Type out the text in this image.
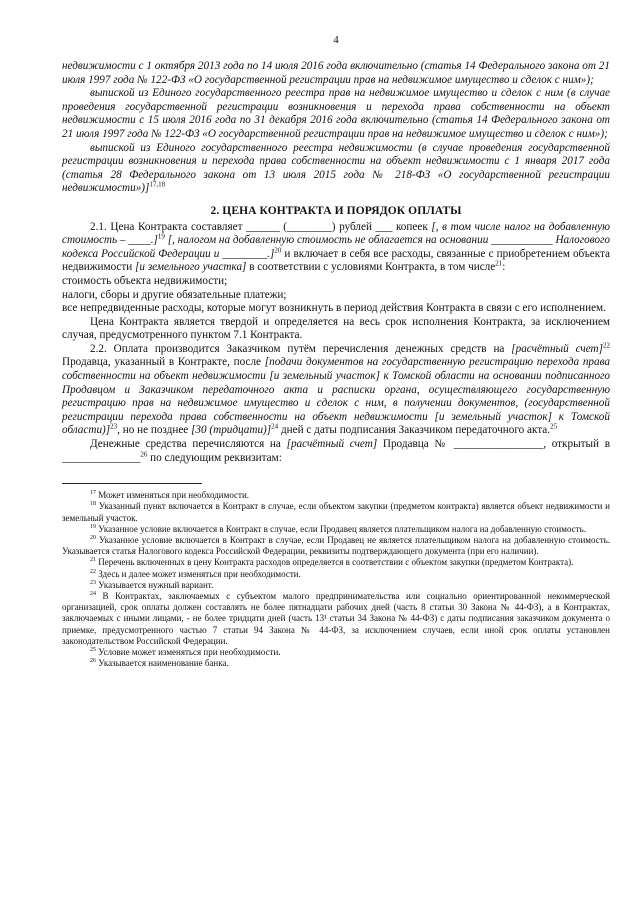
4

недвижимости с 1 октября 2013 года по 14 июля 2016 года включительно (статья 14 Федерального закона от 21 июля 1997 года № 122-ФЗ «О государственной регистрации прав на недвижимое имущество и сделок с ним»);

выпиской из Единого государственного реестра прав на недвижимое имущество и сделок с ним (в случае проведения государственной регистрации возникновения и перехода права собственности на объект недвижимости с 15 июля 2016 года по 31 декабря 2016 года включительно (статья 14 Федерального закона от 21 июля 1997 года № 122-ФЗ «О государственной регистрации прав на недвижимое имущество и сделок с ним»);

выпиской из Единого государственного реестра недвижимости (в случае проведения государственной регистрации возникновения и перехода права собственности на объект недвижимости с 1 января 2017 года (статья 28 Федерального закона от 13 июля 2015 года № 218-ФЗ «О государственной регистрации недвижимости»)]$^{17,18}$

2. ЦЕНА КОНТРАКТА И ПОРЯДОК ОПЛАТЫ

2.1. Цена Контракта составляет ______ (________) рублей ___ копеек [, в том числе налог на добавленную стоимость – ____.]$^{19}$ [, налогом на добавленную стоимость не облагается на основании ___________ Налогового кодекса Российской Федерации и ________.]$^{20}$ и включает в себя все расходы, связанные с приобретением объекта недвижимости [и земельного участка] в соответствии с условиями Контракта, в том числе$^{21}$:

стоимость объекта недвижимости;

налоги, сборы и другие обязательные платежи;

все непредвиденные расходы, которые могут возникнуть в период действия Контракта в связи с его исполнением.

Цена Контракта является твердой и определяется на весь срок исполнения Контракта, за исключением случая, предусмотренного пунктом 7.1 Контракта.

2.2. Оплата производится Заказчиком путём перечисления денежных средств на [расчётный счет]$^{22}$ Продавца, указанный в Контракте, после [подачи документов на государственную регистрацию перехода права собственности на объект недвижимости [и земельный участок] к Томской области на основании подписанного Продавцом и Заказчиком передаточного акта и расписки органа, осуществляющего государственную регистрацию прав на недвижимое имущество и сделок с ним, в получении документов, (государственной регистрации перехода права собственности на объект недвижимости [и земельный участок] к Томской области)]$^{23}$, но не позднее [30 (тридцати)]$^{24}$ дней с даты подписания Заказчиком передаточного акта.$^{25}$

Денежные средства перечисляются на [расчётный счет] Продавца № ________________, открытый в ______________$^{26}$ по следующим реквизитам:

$^{17}$ Может изменяться при необходимости.

$^{18}$ Указанный пункт включается в Контракт в случае, если объектом закупки (предметом контракта) является объект недвижимости и земельный участок.

$^{19}$ Указанное условие включается в Контракт в случае, если Продавец является плательщиком налога на добавленную стоимость.

$^{20}$ Указанное условие включается в Контракт в случае, если Продавец не является плательщиком налога на добавленную стоимость. Указывается статья Налогового кодекса Российской Федерации, реквизиты подтверждающего документа (при его наличии).

$^{21}$ Перечень включенных в цену Контракта расходов определяется в соответствии с объектом закупки (предметом Контракта).

$^{22}$ Здесь и далее может изменяться при необходимости.

$^{23}$ Указывается нужный вариант.

$^{24}$ В Контрактах, заключаемых с субъектом малого предпринимательства или социально ориентированной некоммерческой организацией, срок оплаты должен составлять не более пятнадцати рабочих дней (часть 8 статьи 30 Закона № 44-ФЗ), а в Контрактах, заключаемых с иными лицами, - не более тридцати дней (часть 13¹ статьи 34 Закона № 44-ФЗ) с даты подписания заказчиком документа о приемке, предусмотренного частью 7 статьи 94 Закона № 44-ФЗ, за исключением случаев, если иной срок оплаты установлен законодательством Российской Федерации.

$^{25}$ Условие может изменяться при необходимости.

$^{26}$ Указывается наименование банка.
